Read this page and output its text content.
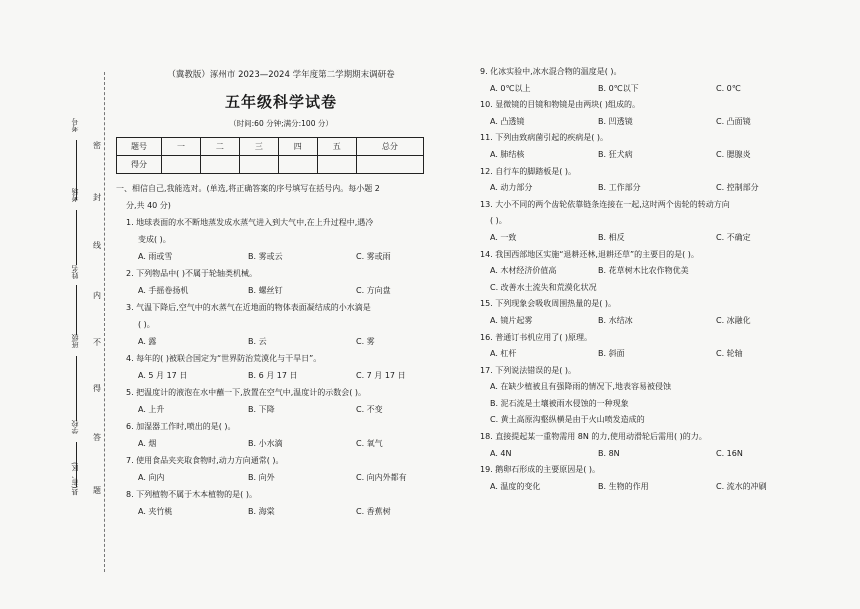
考号
考场
姓名
班级
学校
县(市、区)
密
封
线
内
不
得
答
题
（冀教版）涿州市 2023—2024 学年度第二学期期末调研卷
五年级科学试卷
（时间:60 分钟;满分:100 分）
题号	一	二	三	四	五	总分
得分						
一、相信自己,我能选对。(单选,将正确答案的序号填写在括号内。每小题 2
分,共 40 分)
1. 地球表面的水不断地蒸发成水蒸气进入到大气中,在上升过程中,遇冷
变成( )。
A. 雨或雪	B. 雾或云	C. 雾或雨
2. 下列物品中( )不属于轮轴类机械。
A. 手摇卷扬机	B. 螺丝钉	C. 方向盘
3. 气温下降后,空气中的水蒸气在近地面的物体表面凝结成的小水滴是
( )。
A. 露	B. 云	C. 雾
4. 每年的( )被联合国定为“世界防治荒漠化与干旱日”。
A. 5 月 17 日	B. 6 月 17 日	C. 7 月 17 日
5. 把温度计的液泡在水中蘸一下,放置在空气中,温度计的示数会( )。
A. 上升	B. 下降	C. 不变
6. 加湿器工作时,喷出的是( )。
A. 烟	B. 小水滴	C. 氧气
7. 使用食品夹夹取食物时,动力方向通常( )。
A. 向内	B. 向外	C. 向内外都有
8. 下列植物不属于木本植物的是( )。
A. 夹竹桃	B. 海棠	C. 香蕉树
9. 化冰实验中,冰水混合物的温度是( )。
A. 0℃以上	B. 0℃以下	C. 0℃
10. 显微镜的目镜和物镜是由两块( )组成的。
A. 凸透镜	B. 凹透镜	C. 凸面镜
11. 下列由致病菌引起的疾病是( )。
A. 肺结核	B. 狂犬病	C. 腮腺炎
12. 自行车的脚踏板是( )。
A. 动力部分	B. 工作部分	C. 控制部分
13. 大小不同的两个齿轮依靠链条连接在一起,这时两个齿轮的转动方向
( )。
A. 一致	B. 相反	C. 不确定
14. 我国西部地区实施“退耕还林,退耕还草”的主要目的是( )。
A. 木材经济价值高	B. 花草树木比农作物优美
C. 改善水土流失和荒漠化状况
15. 下列现象会吸收周围热量的是( )。
A. 镜片起雾	B. 水结冰	C. 冰融化
16. 普通订书机应用了( )原理。
A. 杠杆	B. 斜面	C. 轮轴
17. 下列说法错误的是( )。
A. 在缺少植被且有强降雨的情况下,地表容易被侵蚀
B. 泥石流是土壤被雨水侵蚀的一种现象
C. 黄土高原沟壑纵横是由于火山喷发造成的
18. 直接提起某一重物需用 8N 的力,使用动滑轮后需用( )的力。
A. 4N	B. 8N	C. 16N
19. 鹅卵石形成的主要原因是( )。
A. 温度的变化	B. 生物的作用	C. 流水的冲刷
